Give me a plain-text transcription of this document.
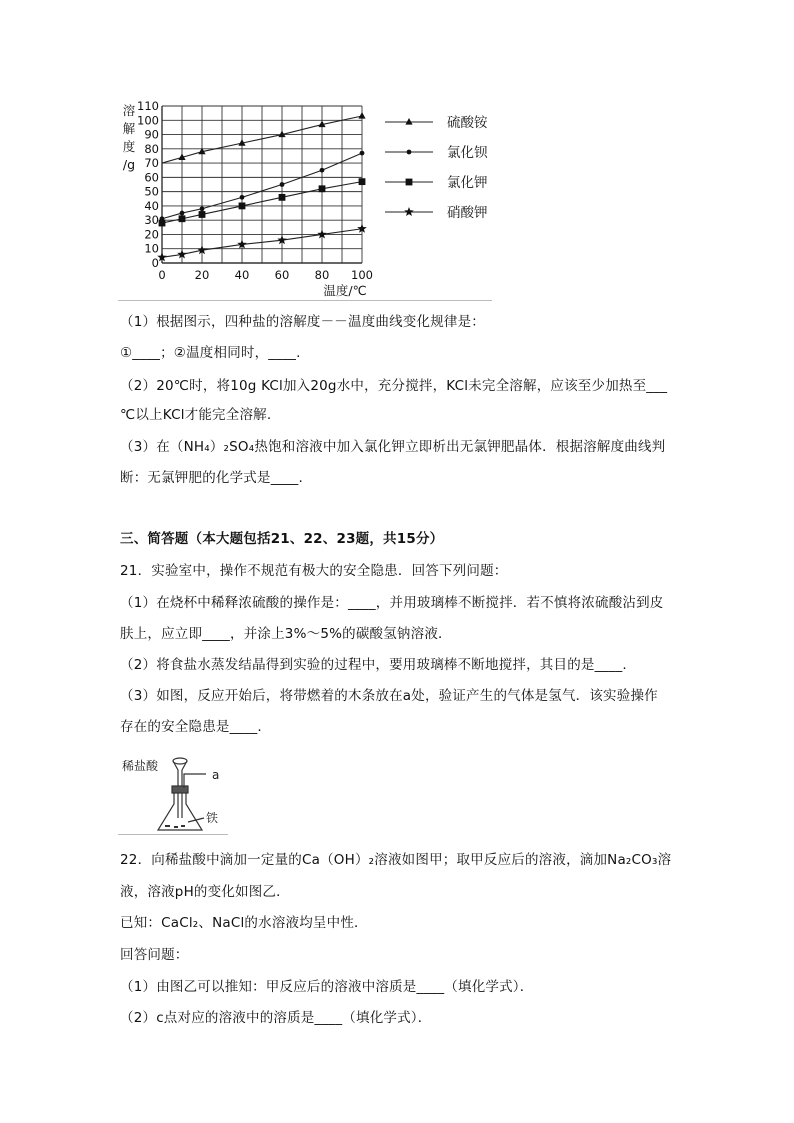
0
10
20
30
40
50
60
70
80
90
100
110
0	20 40 60 80 100
硫酸铵
氯化钡
氯化钾
硝酸钾
温度/℃
溶
解
度
/g
（1）根据图示，四种盐的溶解度－－温度曲线变化规律是：
①____；②温度相同时，____.
（2）20℃时，将10g KCl加入20g水中，充分搅拌，KCl未完全溶解，应该至少加热至___
℃以上KCl才能完全溶解.
（3）在（NH₄）₂SO₄热饱和溶液中加入氯化钾立即析出无氯钾肥晶体．根据溶解度曲线判
断：无氯钾肥的化学式是____.
三、简答题（本大题包括21、22、23题，共15分）
21．实验室中，操作不规范有极大的安全隐患．回答下列问题：
（1）在烧杯中稀释浓硫酸的操作是：____，并用玻璃棒不断搅拌．若不慎将浓硫酸沾到皮
肤上，应立即____，并涂上3%～5%的碳酸氢钠溶液．
（2）将食盐水蒸发结晶得到实验的过程中，要用玻璃棒不断地搅拌，其目的是____.
（3）如图，反应开始后，将带燃着的木条放在a处，验证产生的气体是氢气．该实验操作
存在的安全隐患是____.
稀盐酸
a
铁
22．向稀盐酸中滴加一定量的Ca（OH）₂溶液如图甲；取甲反应后的溶液，滴加Na₂CO₃溶
液，溶液pH的变化如图乙．
已知：CaCl₂、NaCl的水溶液均呈中性．
回答问题：
（1）由图乙可以推知：甲反应后的溶液中溶质是____（填化学式）．
（2）c点对应的溶液中的溶质是____（填化学式）．
